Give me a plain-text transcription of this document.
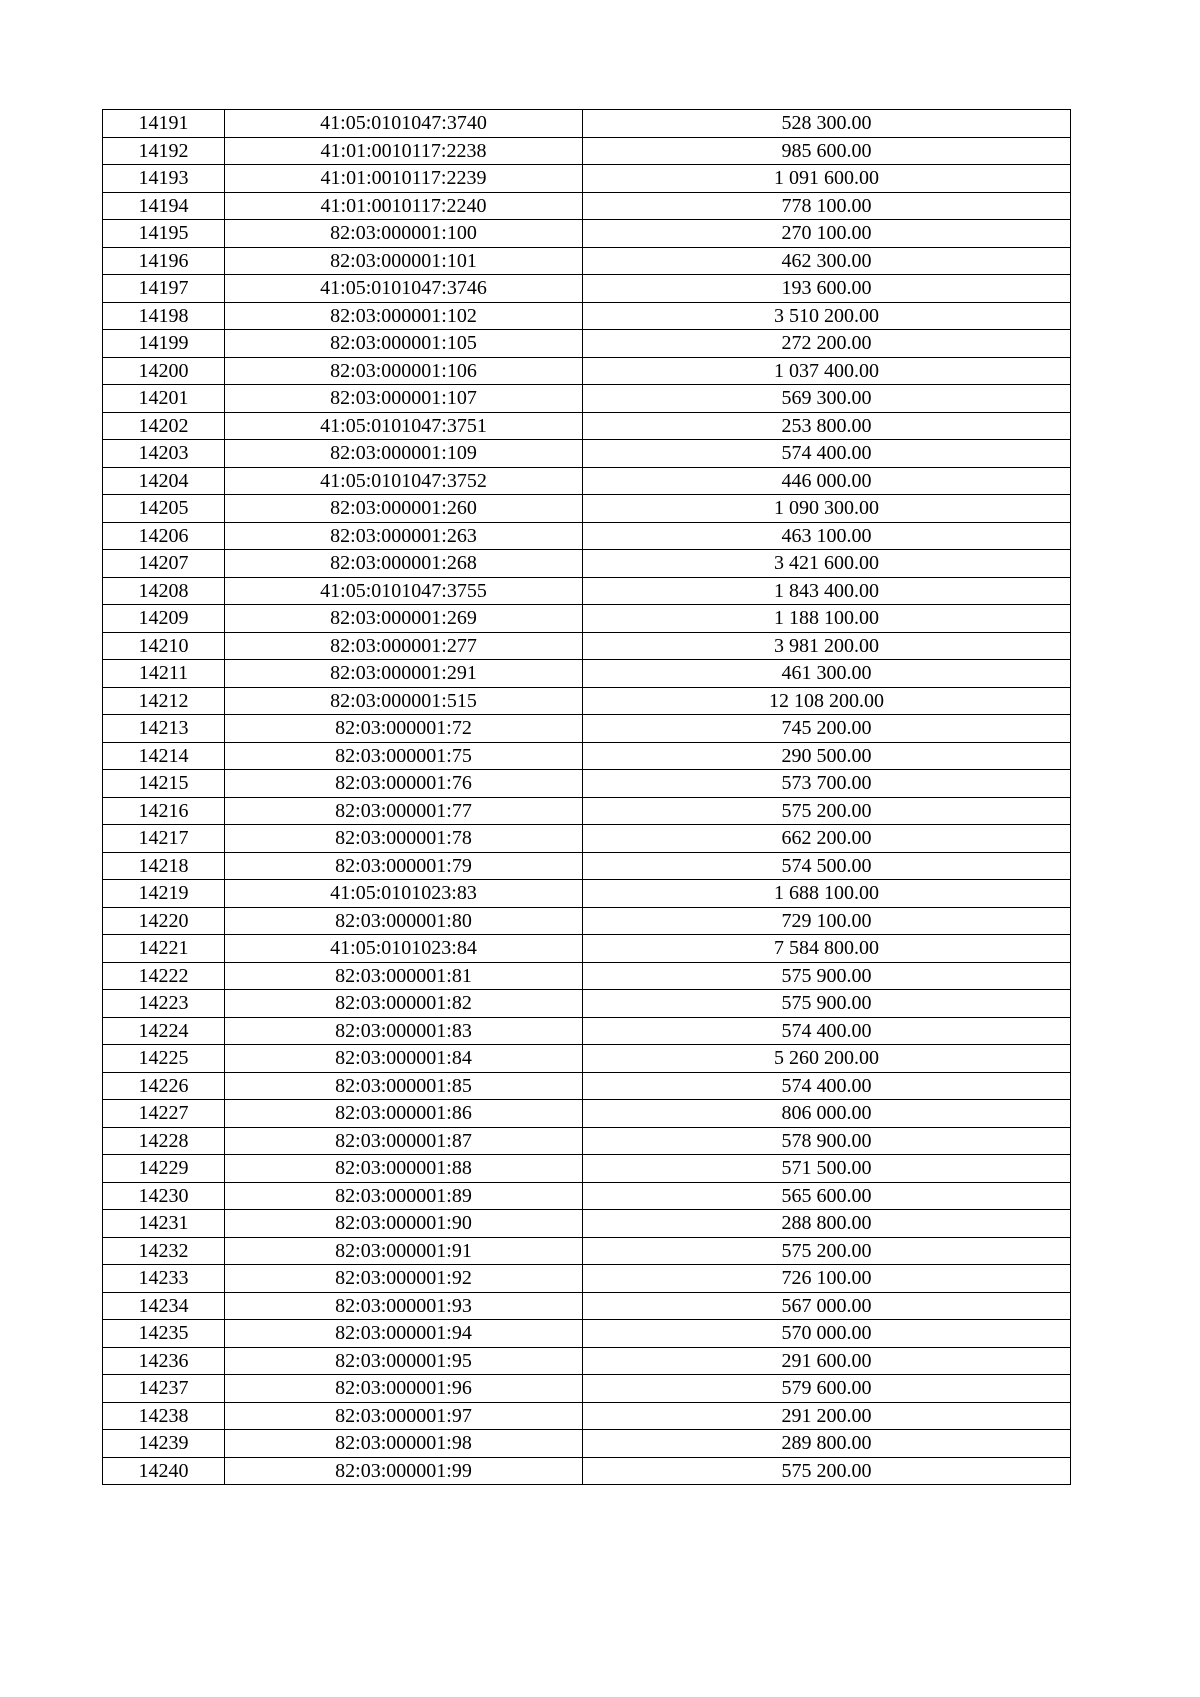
14191	41:05:0101047:3740	528 300.00
14192	41:01:0010117:2238	985 600.00
14193	41:01:0010117:2239	1 091 600.00
14194	41:01:0010117:2240	778 100.00
14195	82:03:000001:100	270 100.00
14196	82:03:000001:101	462 300.00
14197	41:05:0101047:3746	193 600.00
14198	82:03:000001:102	3 510 200.00
14199	82:03:000001:105	272 200.00
14200	82:03:000001:106	1 037 400.00
14201	82:03:000001:107	569 300.00
14202	41:05:0101047:3751	253 800.00
14203	82:03:000001:109	574 400.00
14204	41:05:0101047:3752	446 000.00
14205	82:03:000001:260	1 090 300.00
14206	82:03:000001:263	463 100.00
14207	82:03:000001:268	3 421 600.00
14208	41:05:0101047:3755	1 843 400.00
14209	82:03:000001:269	1 188 100.00
14210	82:03:000001:277	3 981 200.00
14211	82:03:000001:291	461 300.00
14212	82:03:000001:515	12 108 200.00
14213	82:03:000001:72	745 200.00
14214	82:03:000001:75	290 500.00
14215	82:03:000001:76	573 700.00
14216	82:03:000001:77	575 200.00
14217	82:03:000001:78	662 200.00
14218	82:03:000001:79	574 500.00
14219	41:05:0101023:83	1 688 100.00
14220	82:03:000001:80	729 100.00
14221	41:05:0101023:84	7 584 800.00
14222	82:03:000001:81	575 900.00
14223	82:03:000001:82	575 900.00
14224	82:03:000001:83	574 400.00
14225	82:03:000001:84	5 260 200.00
14226	82:03:000001:85	574 400.00
14227	82:03:000001:86	806 000.00
14228	82:03:000001:87	578 900.00
14229	82:03:000001:88	571 500.00
14230	82:03:000001:89	565 600.00
14231	82:03:000001:90	288 800.00
14232	82:03:000001:91	575 200.00
14233	82:03:000001:92	726 100.00
14234	82:03:000001:93	567 000.00
14235	82:03:000001:94	570 000.00
14236	82:03:000001:95	291 600.00
14237	82:03:000001:96	579 600.00
14238	82:03:000001:97	291 200.00
14239	82:03:000001:98	289 800.00
14240	82:03:000001:99	575 200.00
